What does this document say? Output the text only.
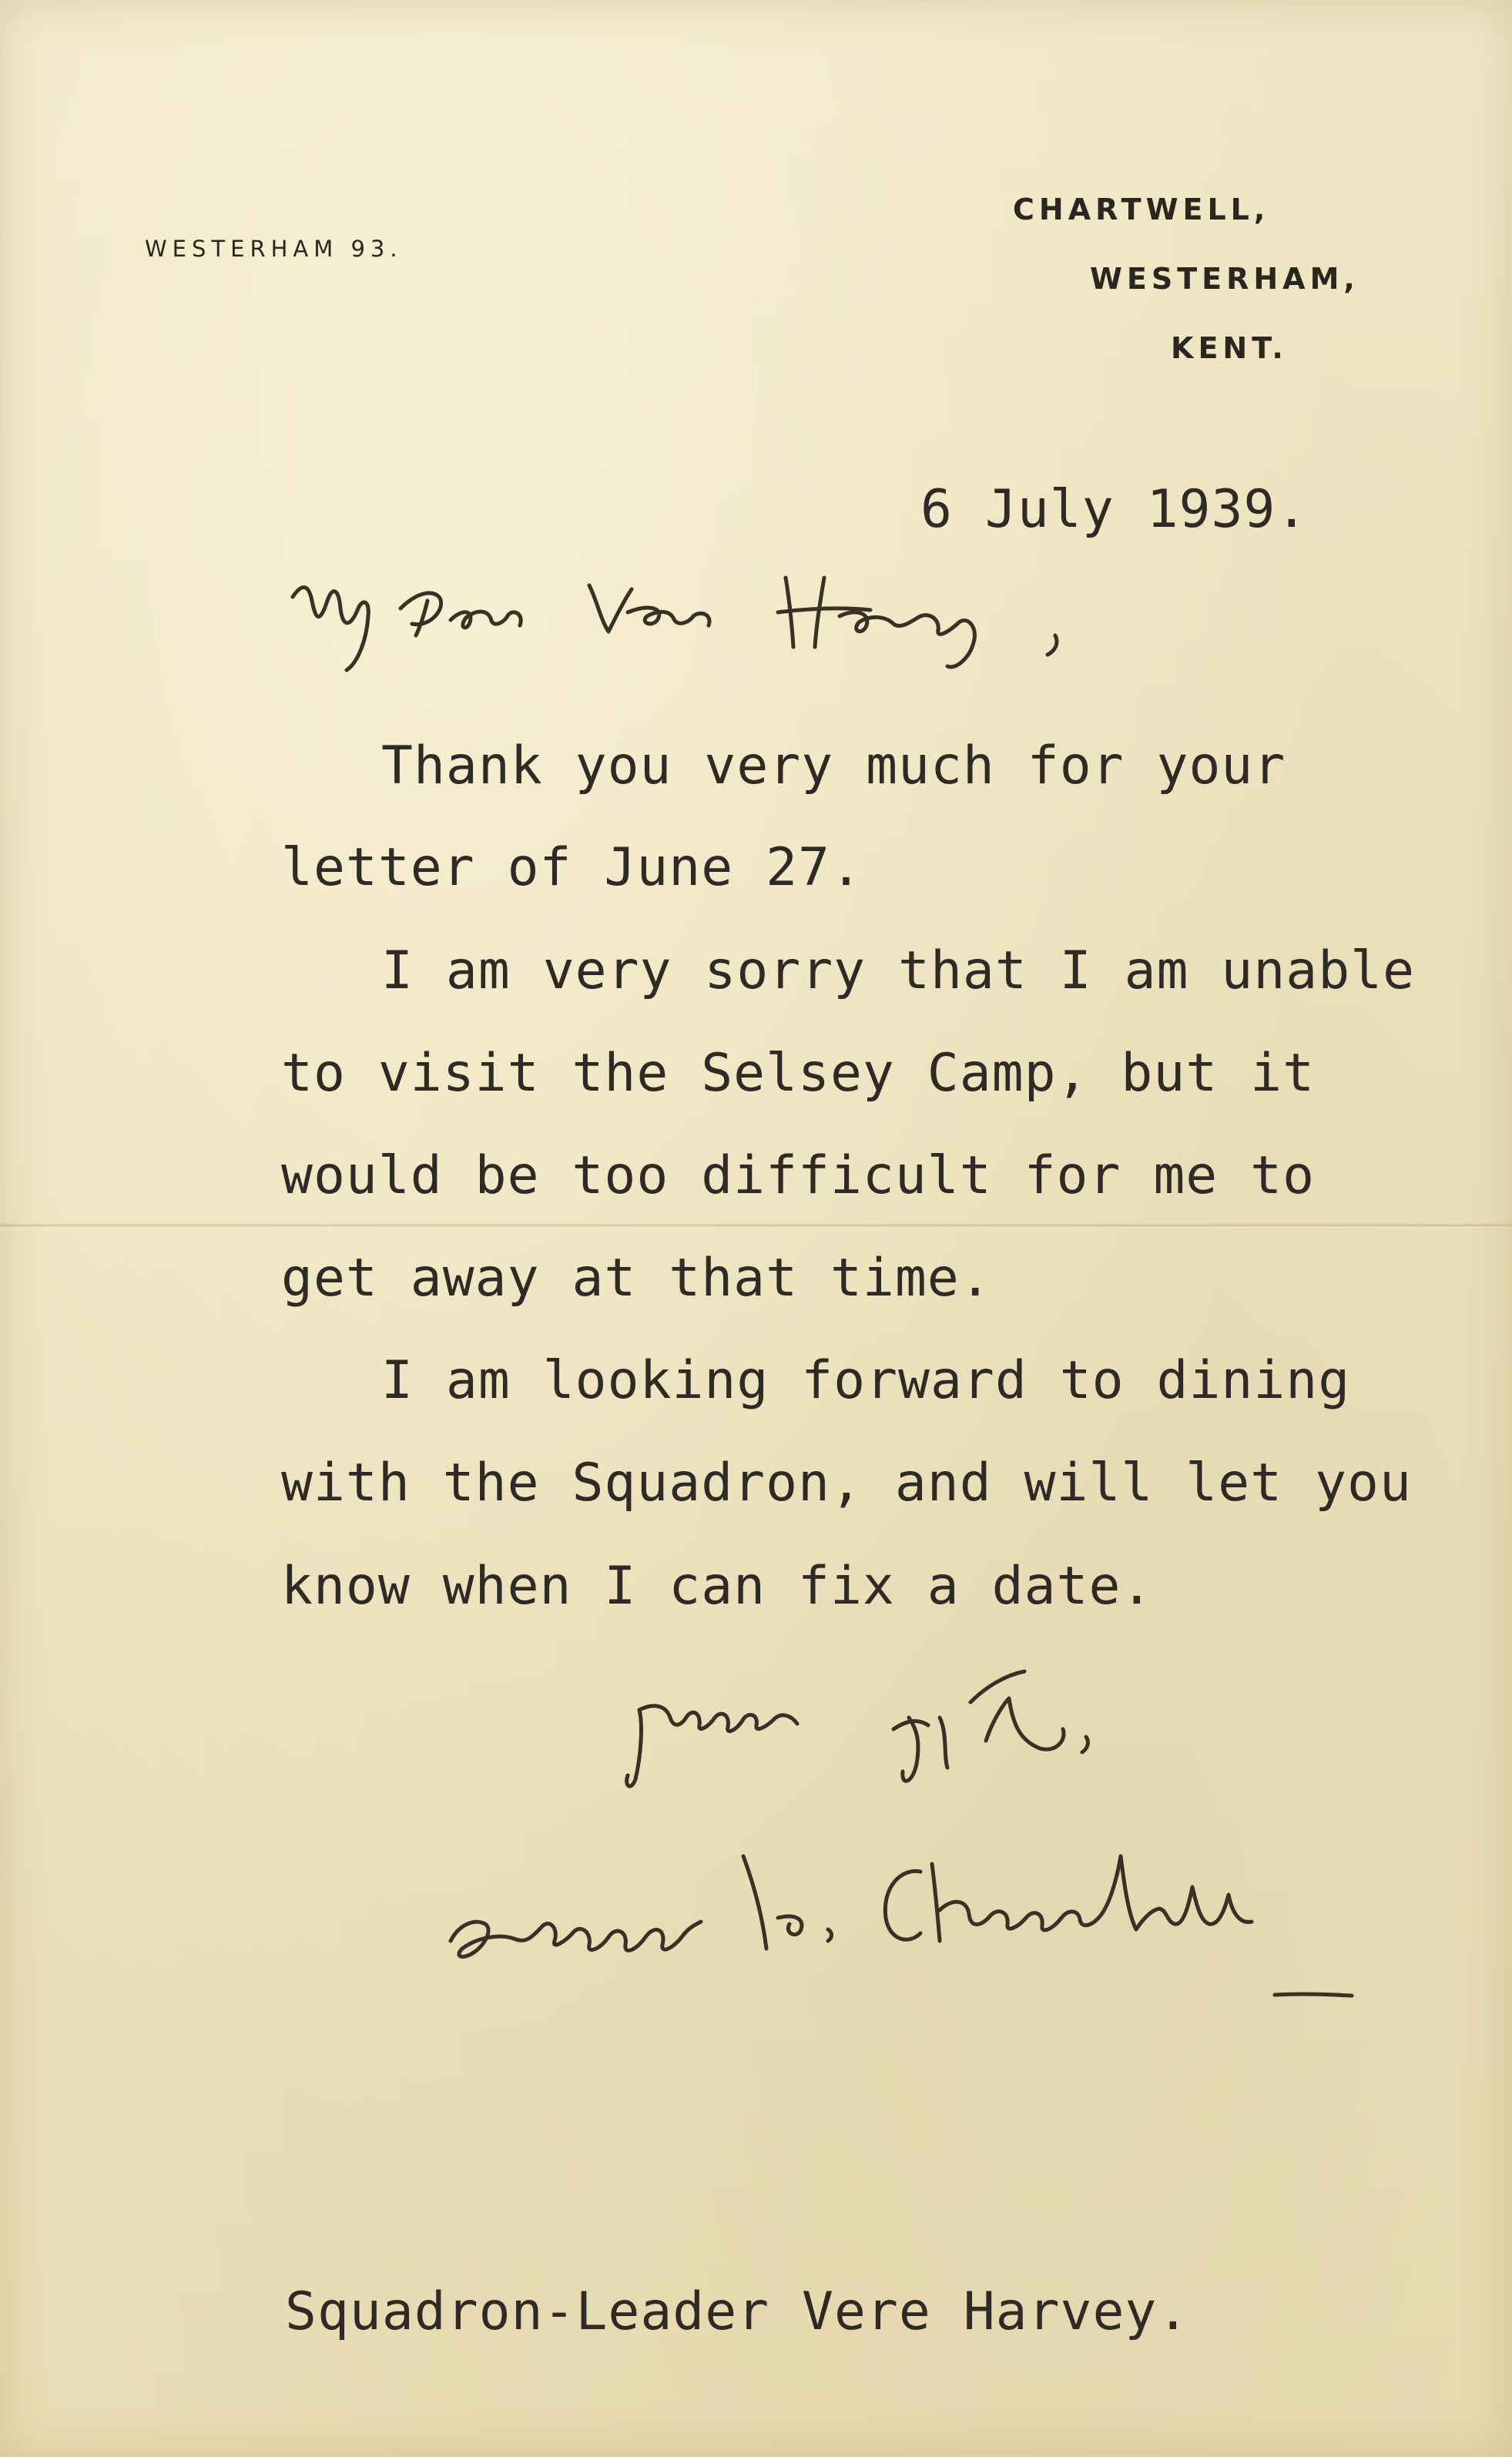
WESTERHAM 93.
CHARTWELL,
WESTERHAM,
KENT.
6 July 1939.
Thank you very much for your
letter of June 27.
I am very sorry that I am unable
to visit the Selsey Camp, but it
would be too difficult for me to
get away at that time.
I am looking forward to dining
with the Squadron, and will let you
know when I can fix a date.
Squadron-Leader Vere Harvey.
